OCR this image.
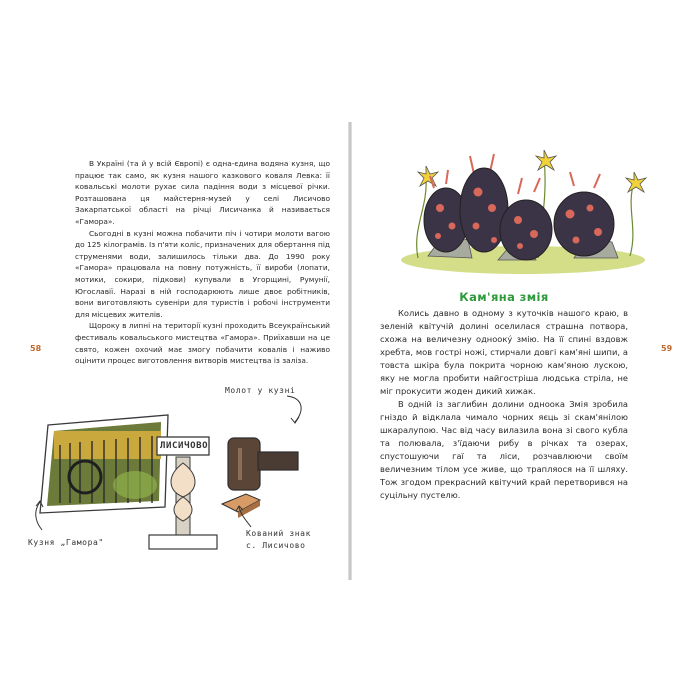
В Україні (та й у всій Європі) є одна-єдина водяна кузня, що працює так само, як кузня нашого казкового коваля Левка: її ковальські молоти рухає сила падіння води з місцевої річки. Розташована ця майстерня-музей у селі Лисичово Закарпатської області на річці Лисичанка й називається «Гамора».

Сьогодні в кузні можна побачити піч і чотири молоти вагою до 125 кілограмів. Із п'яти коліс, призначених для обертання під струменями води, залишилось тільки два. До 1990 року «Гамора» працювала на повну потужність, її вироби (лопати, мотики, сокири, підкови) купували в Угорщині, Румунії, Югославії. Наразі в ній господарюють лише двоє робітників, вони виготовляють сувеніри для туристів і робочі інструменти для місцевих жителів.

Щороку в липні на території кузні проходить Всеукраїнський фестиваль ковальського мистецтва «Гамора». Приїхавши на це свято, кожен охочий має змогу побачити ковалів і наживо оцінити процес виготовлення витворів мистецтва із заліза.

58
ЛИСИЧОВО
Молот у кузні
Кузня „Гамора"
Кований знак
с. Лисичово
Кам'яна змія
59

Колись давно в одному з куточків нашого краю, в зеленій квітучій долині оселилася страшна потвора, схожа на величезну одноокý змію. На її спині вздовж хребта, мов гострі ножі, стирчали довгі кам'яні шипи, а товста шкіра була покрита чорною кам'яною лускою, яку не могла пробити найгостріша людська стріла, не міг прокусити жоден дикий хижак.

В одній із заглибин долини одноока Змія зробила гніздо й відклала чимало чорних яєць зі скам'янілою шкаралупою. Час від часу вилазила вона зі свого кубла та полювала, з'їдаючи рибу в річках та озерах, спустошуючи гаї та ліси, розчавлюючи своїм величезним тілом усе живе, що трапляося на її шляху. Тож згодом прекрасний квітучий край перетворився на суцільну пустелю.
